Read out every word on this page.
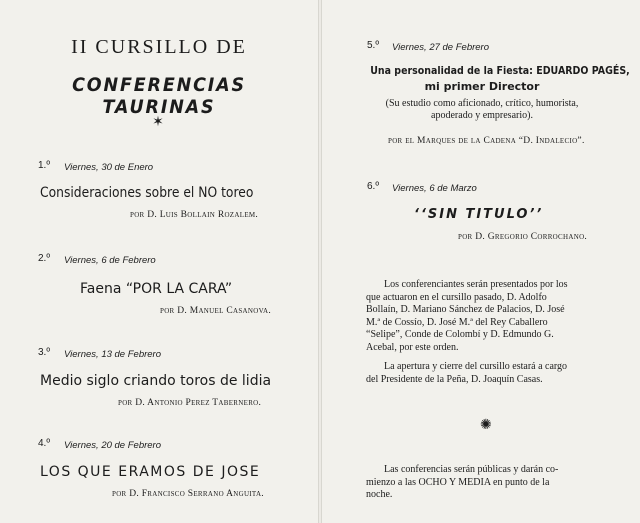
II CURSILLO DE
CONFERENCIAS TAURINAS
✶
1.º Viernes, 30 de Enero
Consideraciones sobre el NO toreo
por D. Luis Bollain Rozalem.
2.º Viernes, 6 de Febrero
Faena “POR LA CARA”
por D. Manuel Casanova.
3.º Viernes, 13 de Febrero
Medio siglo criando toros de lidia
por D. Antonio Perez Tabernero.
4.º Viernes, 20 de Febrero
LOS QUE ERAMOS DE JOSE
por D. Francisco Serrano Anguita.
5.º Viernes, 27 de Febrero
Una personalidad de la Fiesta: EDUARDO PAGÉS,
mi primer Director
(Su estudio como aficionado, crítico, humorista,
apoderado y empresario).
por el Marques de la Cadena “D. Indalecio”.
6.º Viernes, 6 de Marzo
‘‘SIN TITULO’’
por D. Gregorio Corrochano.
Los conferenciantes serán presentados por los
que actuaron en el cursillo pasado, D. Adolfo
Bollaín, D. Mariano Sánchez de Palacios, D. José
M.ª de Cossío, D. José M.ª del Rey Caballero
“Selipe”, Conde de Colombí y D. Edmundo G.
Acebal, por este orden.
La apertura y cierre del cursillo estará a cargo
del Presidente de la Peña, D. Joaquín Casas.
✺
Las conferencias serán públicas y darán co-
mienzo a las OCHO Y MEDIA en punto de la
noche.
